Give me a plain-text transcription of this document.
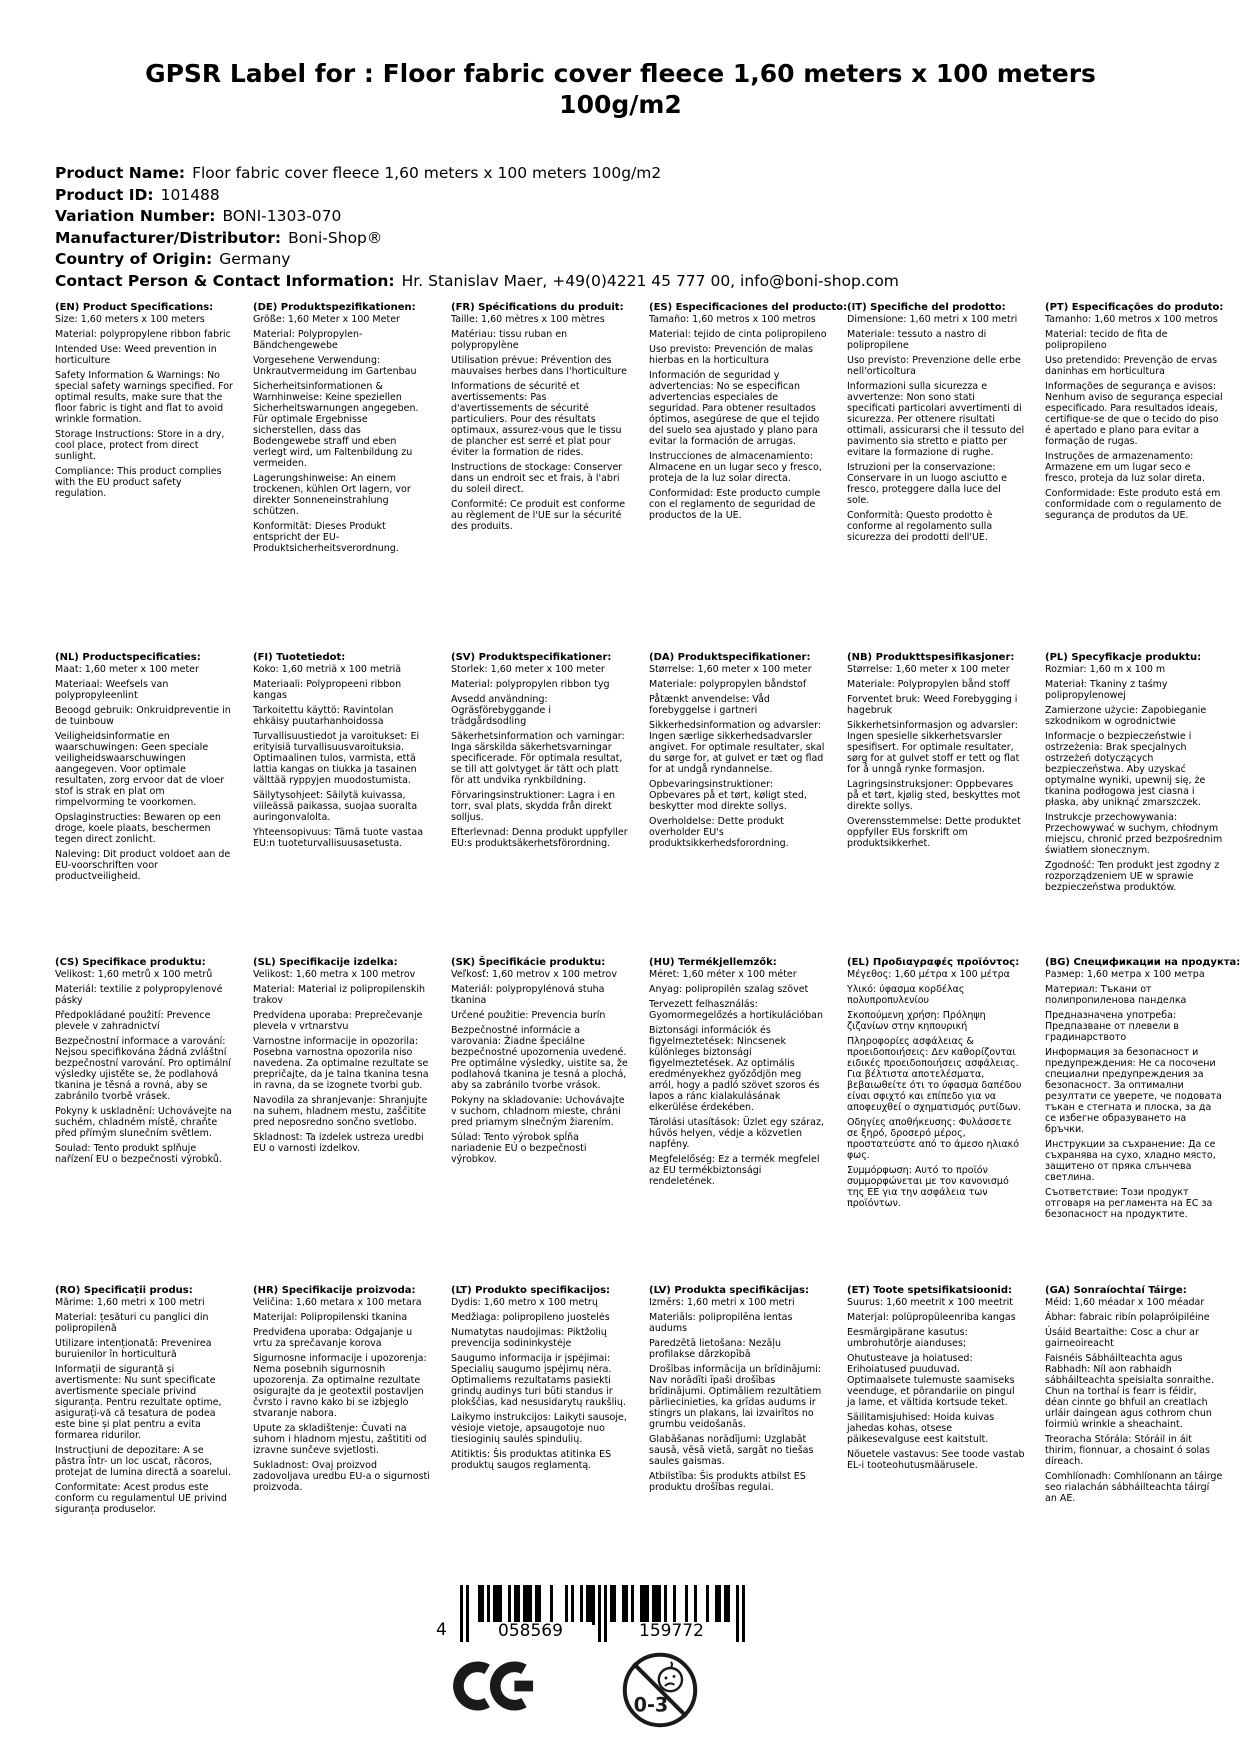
GPSR Label for : Floor fabric cover fleece 1,60 meters x 100 meters 100g/m2
Product Name: Floor fabric cover fleece 1,60 meters x 100 meters 100g/m2
Product ID: 101488
Variation Number: BONI-1303-070
Manufacturer/Distributor: Boni-Shop®
Country of Origin: Germany
Contact Person & Contact Information: Hr. Stanislav Maer, +49(0)4221 45 777 00, info@boni-shop.com
(EN) Product Specifications:

Size: 1,60 meters x 100 meters

Material: polypropylene ribbon fabric

Intended Use: Weed prevention in horticulture

Safety Information & Warnings: No special safety warnings specified. For optimal results, make sure that the floor fabric is tight and flat to avoid wrinkle formation.

Storage Instructions: Store in a dry, cool place, protect from direct sunlight.

Compliance: This product complies with the EU product safety regulation.

(DE) Produktspezifikationen:

Größe: 1,60 Meter x 100 Meter

Material: Polypropylen-Bändchengewebe

Vorgesehene Verwendung: Unkrautvermeidung im Gartenbau

Sicherheitsinformationen & Warnhinweise: Keine speziellen Sicherheitswarnungen angegeben. Für optimale Ergebnisse sicherstellen, dass das Bodengewebe straff und eben verlegt wird, um Faltenbildung zu vermeiden.

Lagerungshinweise: An einem trockenen, kühlen Ort lagern, vor direkter Sonneneinstrahlung schützen.

Konformität: Dieses Produkt entspricht der EU-Produktsicherheitsverordnung.

(FR) Spécifications du produit:

Taille: 1,60 mètres x 100 mètres

Matériau: tissu ruban en polypropylène

Utilisation prévue: Prévention des mauvaises herbes dans l'horticulture

Informations de sécurité et avertissements: Pas d'avertissements de sécurité particuliers. Pour des résultats optimaux, assurez-vous que le tissu de plancher est serré et plat pour éviter la formation de rides.

Instructions de stockage: Conserver dans un endroit sec et frais, à l'abri du soleil direct.

Conformité: Ce produit est conforme au règlement de l'UE sur la sécurité des produits.

(ES) Especificaciones del producto:

Tamaño: 1,60 metros x 100 metros

Material: tejido de cinta polipropileno

Uso previsto: Prevención de malas hierbas en la horticultura

Información de seguridad y advertencias: No se especifican advertencias especiales de seguridad. Para obtener resultados óptimos, asegúrese de que el tejido del suelo sea ajustado y plano para evitar la formación de arrugas.

Instrucciones de almacenamiento: Almacene en un lugar seco y fresco, proteja de la luz solar directa.

Conformidad: Este producto cumple con el reglamento de seguridad de productos de la UE.

(IT) Specifiche del prodotto:

Dimensione: 1,60 metri x 100 metri

Materiale: tessuto a nastro di polipropilene

Uso previsto: Prevenzione delle erbe nell'orticoltura

Informazioni sulla sicurezza e avvertenze: Non sono stati specificati particolari avvertimenti di sicurezza. Per ottenere risultati ottimali, assicurarsi che il tessuto del pavimento sia stretto e piatto per evitare la formazione di rughe.

Istruzioni per la conservazione: Conservare in un luogo asciutto e fresco, proteggere dalla luce del sole.

Conformità: Questo prodotto è conforme al regolamento sulla sicurezza dei prodotti dell'UE.

(PT) Especificações do produto:

Tamanho: 1,60 metros x 100 metros

Material: tecido de fita de polipropileno

Uso pretendido: Prevenção de ervas daninhas em horticultura

Informações de segurança e avisos: Nenhum aviso de segurança especial especificado. Para resultados ideais, certifique-se de que o tecido do piso é apertado e plano para evitar a formação de rugas.

Instruções de armazenamento: Armazene em um lugar seco e fresco, proteja da luz solar direta.

Conformidade: Este produto está em conformidade com o regulamento de segurança de produtos da UE.

(NL) Productspecificaties:

Maat: 1,60 meter x 100 meter

Materiaal: Weefsels van polypropyleenlint

Beoogd gebruik: Onkruidpreventie in de tuinbouw

Veiligheidsinformatie en waarschuwingen: Geen speciale veiligheidswaarschuwingen aangegeven. Voor optimale resultaten, zorg ervoor dat de vloer stof is strak en plat om rimpelvorming te voorkomen.

Opslaginstructies: Bewaren op een droge, koele plaats, beschermen tegen direct zonlicht.

Naleving: Dit product voldoet aan de EU-voorschriften voor productveiligheid.

(FI) Tuotetiedot:

Koko: 1,60 metriä x 100 metriä

Materiaali: Polypropeeni ribbon kangas

Tarkoitettu käyttö: Ravintolan ehkäisy puutarhanhoidossa

Turvallisuustiedot ja varoitukset: Ei erityisiä turvallisuusvaroituksia. Optimaalinen tulos, varmista, että lattia kangas on tiukka ja tasainen välttää ryppyjen muodostumista.

Säilytysohjeet: Säilytä kuivassa, viileässä paikassa, suojaa suoralta auringonvalolta.

Yhteensopivuus: Tämä tuote vastaa EU:n tuoteturvallisuusasetusta.

(SV) Produktspecifikationer:

Storlek: 1,60 meter x 100 meter

Material: polypropylen ribbon tyg

Avsedd användning: Ogräsförebyggande i trädgårdsodling

Säkerhetsinformation och varningar: Inga särskilda säkerhetsvarningar specificerade. För optimala resultat, se till att golvtyget är tätt och platt för att undvika rynkbildning.

Förvaringsinstruktioner: Lagra i en torr, sval plats, skydda från direkt solljus.

Efterlevnad: Denna produkt uppfyller EU:s produktsäkerhetsförordning.

(DA) Produktspecifikationer:

Størrelse: 1,60 meter x 100 meter

Materiale: polypropylen båndstof

Påtænkt anvendelse: Våd forebyggelse i gartneri

Sikkerhedsinformation og advarsler: Ingen særlige sikkerhedsadvarsler angivet. For optimale resultater, skal du sørge for, at gulvet er tæt og flad for at undgå ryndannelse.

Opbevaringsinstruktioner: Opbevares på et tørt, køligt sted, beskytter mod direkte sollys.

Overholdelse: Dette produkt overholder EU's produktsikkerhedsforordning.

(NB) Produkttspesifikasjoner:

Størrelse: 1,60 meter x 100 meter

Materiale: Polypropylen bånd stoff

Forventet bruk: Weed Forebygging i hagebruk

Sikkerhetsinformasjon og advarsler: Ingen spesielle sikkerhetsvarsler spesifisert. For optimale resultater, sørg for at gulvet stoff er tett og flat for å unngå rynke formasjon.

Lagringsinstruksjoner: Oppbevares på et tørt, kjølig sted, beskyttes mot direkte sollys.

Overensstemmelse: Dette produktet oppfyller EUs forskrift om produktsikkerhet.

(PL) Specyfikacje produktu:

Rozmiar: 1,60 m x 100 m

Materiał: Tkaniny z taśmy polipropylenowej

Zamierzone użycie: Zapobieganie szkodnikom w ogrodnictwie

Informacje o bezpieczeństwie i ostrzeżenia: Brak specjalnych ostrzeżeń dotyczących bezpieczeństwa. Aby uzyskać optymalne wyniki, upewnij się, że tkanina podłogowa jest ciasna i płaska, aby uniknąć zmarszczek.

Instrukcje przechowywania: Przechowywać w suchym, chłodnym miejscu, chronić przed bezpośrednim światłem słonecznym.

Zgodność: Ten produkt jest zgodny z rozporządzeniem UE w sprawie bezpieczeństwa produktów.

(CS) Specifikace produktu:

Velikost: 1,60 metrů x 100 metrů

Materiál: textilie z polypropylenové pásky

Předpokládané použití: Prevence plevele v zahradnictví

Bezpečnostní informace a varování: Nejsou specifikována žádná zvláštní bezpečnostní varování. Pro optimální výsledky ujistěte se, že podlahová tkanina je těsná a rovná, aby se zabránilo tvorbě vrásek.

Pokyny k uskladnění: Uchovávejte na suchém, chladném místě, chraňte před přímým slunečním světlem.

Soulad: Tento produkt splňuje nařízení EU o bezpečnosti výrobků.

(SL) Specifikacije izdelka:

Velikost: 1,60 metra x 100 metrov

Material: Material iz polipropilenskih trakov

Predvidena uporaba: Preprečevanje plevela v vrtnarstvu

Varnostne informacije in opozorila: Posebna varnostna opozorila niso navedena. Za optimalne rezultate se prepričajte, da je talna tkanina tesna in ravna, da se izognete tvorbi gub.

Navodila za shranjevanje: Shranjujte na suhem, hladnem mestu, zaščitite pred neposredno sončno svetlobo.

Skladnost: Ta izdelek ustreza uredbi EU o varnosti izdelkov.

(SK) Špecifikácie produktu:

Veľkosť: 1,60 metrov x 100 metrov

Materiál: polypropylénová stuha tkanina

Určené použitie: Prevencia burín

Bezpečnostné informácie a varovania: Žiadne špeciálne bezpečnostné upozornenia uvedené. Pre optimálne výsledky, uistite sa, že podlahová tkanina je tesná a plochá, aby sa zabránilo tvorbe vrások.

Pokyny na skladovanie: Uchovávajte v suchom, chladnom mieste, chráni pred priamym slnečným žiarením.

Súlad: Tento výrobok spĺňa nariadenie EÚ o bezpečnosti výrobkov.

(HU) Termékjellemzők:

Méret: 1,60 méter x 100 méter

Anyag: polipropilén szalag szövet

Tervezett felhasználás: Gyomormegelőzés a hortikulációban

Biztonsági információk és figyelmeztetések: Nincsenek különleges biztonsági figyelmeztetések. Az optimális eredményekhez győződjön meg arról, hogy a padló szövet szoros és lapos a ránc kialakulásának elkerülése érdekében.

Tárolási utasítások: Üzlet egy száraz, hűvös helyen, védje a közvetlen napfény.

Megfelelőség: Ez a termék megfelel az EU termékbiztonsági rendeletének.

(EL) Προδιαγραφές προϊόντος:

Μέγεθος: 1,60 μέτρα x 100 μέτρα

Υλικό: ύφασμα κορδέλας πολυπροπυλενίου

Σκοπούμενη χρήση: Πρόληψη ζιζανίων στην κηπουρική

Πληροφορίες ασφάλειας & προειδοποιήσεις: Δεν καθορίζονται ειδικές προειδοποιήσεις ασφάλειας. Για βέλτιστα αποτελέσματα, βεβαιωθείτε ότι το ύφασμα δαπέδου είναι σφιχτό και επίπεδο για να αποφευχθεί ο σχηματισμός ρυτίδων.

Οδηγίες αποθήκευσης: Φυλάσσετε σε ξηρό, δροσερό μέρος, προστατεύστε από το άμεσο ηλιακό φως.

Συμμόρφωση: Αυτό το προϊόν συμμορφώνεται με τον κανονισμό της ΕΕ για την ασφάλεια των προϊόντων.

(BG) Спецификации на продукта:

Размер: 1,60 метра x 100 метра

Материал: Тъкани от полипропиленова панделка

Предназначена употреба: Предпазване от плевели в градинарството

Информация за безопасност и предупреждения: Не са посочени специални предупреждения за безопасност. За оптимални резултати се уверете, че подовата тъкан е стегната и плоска, за да се избегне образуването на бръчки.

Инструкции за съхранение: Да се съхранява на сухо, хладно място, защитено от пряка слънчева светлина.

Съответствие: Този продукт отговаря на регламента на ЕС за безопасност на продуктите.

(RO) Specificații produs:

Mărime: 1,60 metri x 100 metri

Material: țesături cu panglici din polipropilenă

Utilizare intenționată: Prevenirea buruienilor în horticultură

Informații de siguranță și avertismente: Nu sunt specificate avertismente speciale privind siguranța. Pentru rezultate optime, asigurați-vă că tesatura de podea este bine și plat pentru a evita formarea ridurilor.

Instrucțiuni de depozitare: A se păstra într- un loc uscat, răcoros, protejat de lumina directă a soarelui.

Conformitate: Acest produs este conform cu regulamentul UE privind siguranța produselor.

(HR) Specifikacije proizvoda:

Veličina: 1,60 metara x 100 metara

Materijal: Polipropilenski tkanina

Predviđena uporaba: Odgajanje u vrtu za sprečavanje korova

Sigurnosne informacije i upozorenja: Nema posebnih sigurnosnih upozorenja. Za optimalne rezultate osigurajte da je geotextil postavljen čvrsto i ravno kako bi se izbjeglo stvaranje nabora.

Upute za skladištenje: Čuvati na suhom i hladnom mjestu, zaštititi od izravne sunčeve svjetlosti.

Sukladnost: Ovaj proizvod zadovoljava uredbu EU-a o sigurnosti proizvoda.

(LT) Produkto specifikacijos:

Dydis: 1,60 metro x 100 metrų

Medžiaga: polipropileno juostelės

Numatytas naudojimas: Piktžolių prevencija sodininkystėje

Saugumo informacija ir įspėjimai: Specialių saugumo įspėjimų nėra. Optimaliems rezultatams pasiekti grindų audinys turi būti standus ir plokščias, kad nesusidarytų raukšlių.

Laikymo instrukcijos: Laikyti sausoje, vėsioje vietoje, apsaugotoje nuo tiesioginių saulės spindulių.

Atitiktis: Šis produktas atitinka ES produktų saugos reglamentą.

(LV) Produkta specifikācijas:

Izmērs: 1,60 metri x 100 metri

Materiāls: polipropilēna lentas audums

Paredzētā lietošana: Nezāļu profilakse dārzkopībā

Drošības informācija un brīdinājumi: Nav norādīti īpaši drošības brīdinājumi. Optimāliem rezultātiem pārliecinieties, ka grīdas audums ir stingrs un plakans, lai izvairītos no grumbu veidošanās.

Glabāšanas norādījumi: Uzglabāt sausā, vēsā vietā, sargāt no tiešas saules gaismas.

Atbilstība: Šis produkts atbilst ES produktu drošības regulai.

(ET) Toote spetsifikatsioonid:

Suurus: 1,60 meetrit x 100 meetrit

Materjal: polüpropüleenriba kangas

Eesmärgipärane kasutus: umbrohutõrje aianduses;

Ohutusteave ja hoiatused: Erihoiatused puuduvad. Optimaalsete tulemuste saamiseks veenduge, et põrandariie on pingul ja lame, et vältida kortsude teket.

Säilitamisjuhised: Hoida kuivas jahedas kohas, otsese päikesevalguse eest kaitstult.

Nõuetele vastavus: See toode vastab EL-i tooteohutusmäärusele.

(GA) Sonraíochtaí Táirge:

Méid: 1,60 méadar x 100 méadar

Ábhar: fabraic ribín polapróipiléine

Úsáid Beartaithe: Cosc a chur ar gairneoireacht

Faisnéis Sábháilteachta agus Rabhadh: Níl aon rabhaidh sábháilteachta speisialta sonraithe. Chun na torthaí is fearr is féidir, déan cinnte go bhfuil an creatlach urláir daingean agus cothrom chun foirmiú wrinkle a sheachaint.

Treoracha Stórála: Stóráil in áit thirim, fionnuar, a chosaint ó solas díreach.

Comhlíonadh: Comhlíonann an táirge seo rialachán sábháilteachta táirgí an AE.

4	058569	159772
0-3
